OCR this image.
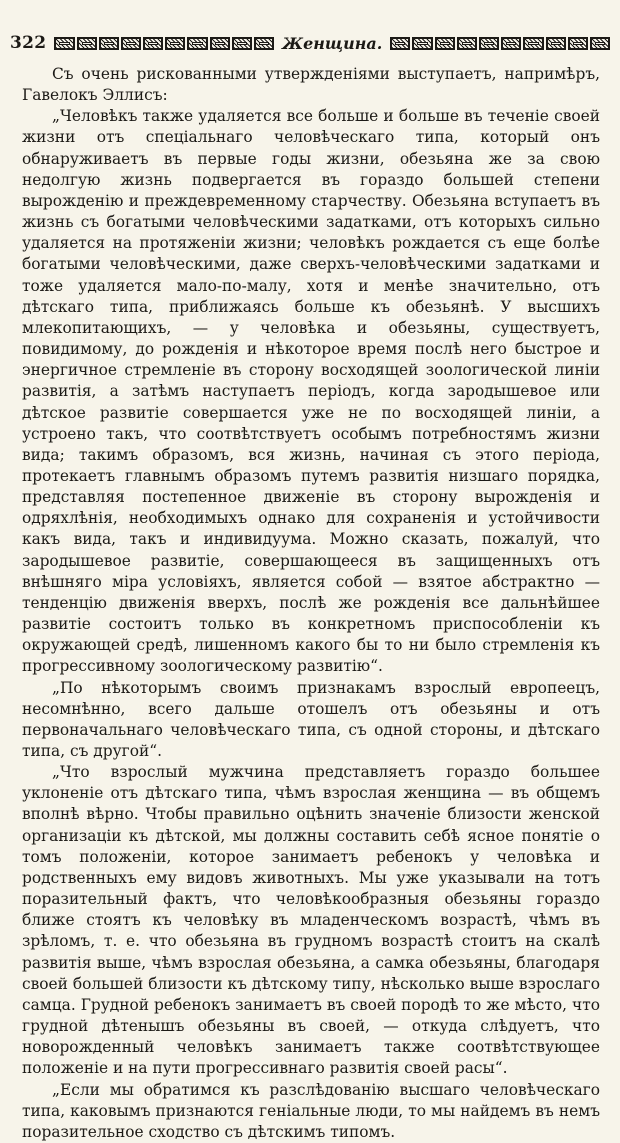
322	Женщина.

Съ очень рискованными утвержденіями выступаетъ, напримѣръ, Гавелокъ Эллисъ:

„Человѣкъ также удаляется все больше и больше въ теченіе своей жизни отъ спеціальнаго человѣческаго типа, который онъ обнаруживаетъ въ первые годы жизни, обезьяна же за свою недолгую жизнь подвергается въ гораздо большей степени вырожденію и преждевременному старчеству. Обезьяна вступаетъ въ жизнь съ богатыми человѣческими задатками, отъ которыхъ сильно удаляется на протяженіи жизни; человѣкъ рождается съ еще болѣе богатыми человѣческими, даже сверхъ-человѣческими задатками и тоже удаляется мало-по-малу, хотя и менѣе значительно, отъ дѣтскаго типа, приближаясь больше къ обезьянѣ. У высшихъ млекопитающихъ, — у человѣка и обезьяны, существуетъ, повидимому, до рожденія и нѣкоторое время послѣ него быстрое и энергичное стремленіе въ сторону восходящей зоологической линіи развитія, а затѣмъ наступаетъ періодъ, когда зародышевое или дѣтское развитіе совершается уже не по восходящей линіи, а устроено такъ, что соотвѣтствуетъ особымъ потребностямъ жизни вида; такимъ образомъ, вся жизнь, начиная съ этого періода, протекаетъ главнымъ образомъ путемъ развитія низшаго порядка, представляя постепенное движеніе въ сторону вырожденія и одряхлѣнія, необходимыхъ однако для сохраненія и устойчивости какъ вида, такъ и индивидуума. Можно сказать, пожалуй, что зародышевое развитіе, совершающееся въ защищенныхъ отъ внѣшняго міра условіяхъ, является собой — взятое абстрактно — тенденцію движенія вверхъ, послѣ же рожденія все дальнѣйшее развитіе состоитъ только въ конкретномъ приспособленіи къ окружающей средѣ, лишенномъ какого бы то ни было стремленія къ прогрессивному зоологическому развитію“.

„По нѣкоторымъ своимъ признакамъ взрослый европеецъ, несомнѣнно, всего дальше отошелъ отъ обезьяны и отъ первоначальнаго человѣческаго типа, съ одной стороны, и дѣтскаго типа, съ другой“.

„Что взрослый мужчина представляетъ гораздо большее уклоненіе отъ дѣтскаго типа, чѣмъ взрослая женщина — въ общемъ вполнѣ вѣрно. Чтобы правильно оцѣнить значеніе близости женской организаціи къ дѣтской, мы должны составить себѣ ясное понятіе о томъ положеніи, которое занимаетъ ребенокъ у человѣка и родственныхъ ему видовъ животныхъ. Мы уже указывали на тотъ поразительный фактъ, что человѣкообразныя обезьяны гораздо ближе стоятъ къ человѣку въ младенческомъ возрастѣ, чѣмъ въ зрѣломъ, т. е. что обезьяна въ грудномъ возрастѣ стоитъ на скалѣ развитія выше, чѣмъ взрослая обезьяна, а самка обезьяны, благодаря своей большей близости къ дѣтскому типу, нѣсколько выше взрослаго самца. Грудной ребенокъ занимаетъ въ своей породѣ то же мѣсто, что грудной дѣтенышъ обезьяны въ своей, — откуда слѣдуетъ, что новорожденный человѣкъ занимаетъ также соотвѣтствующее положеніе и на пути прогрессивнаго развитія своей расы“.

„Если мы обратимся къ разслѣдованію высшаго человѣческаго типа, каковымъ признаются геніальные люди, то мы найдемъ въ немъ поразительное сходство съ дѣтскимъ типомъ.
